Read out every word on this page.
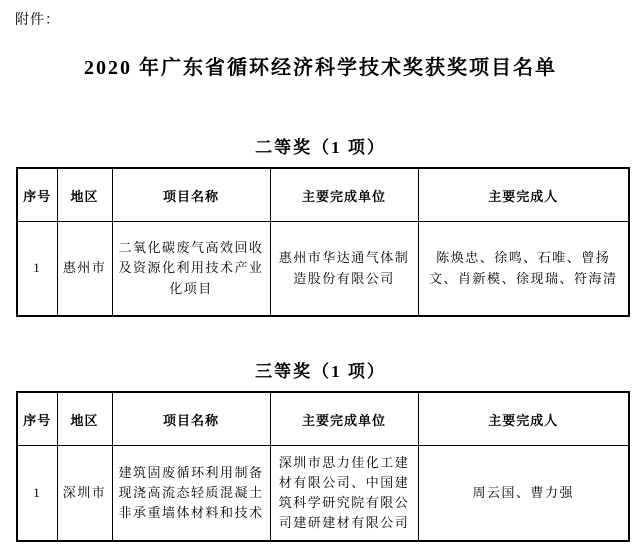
附件：
2020 年广东省循环经济科学技术奖获奖项目名单
二等奖（1 项）
序号	地区	项目名称	主要完成单位	主要完成人
1	惠州市	二氧化碳废气高效回收及资源化利用技术产业化项目	惠州市华达通气体制造股份有限公司	陈焕忠、徐鸣、石唯、曾扬文、肖新模、徐现瑞、符海清
三等奖（1 项）
序号	地区	项目名称	主要完成单位	主要完成人
1	深圳市	建筑固废循环利用制备现浇高流态轻质混凝土非承重墙体材料和技术	深圳市思力佳化工建材有限公司、中国建筑科学研究院有限公司建研建材有限公司	周云国、曹力强
